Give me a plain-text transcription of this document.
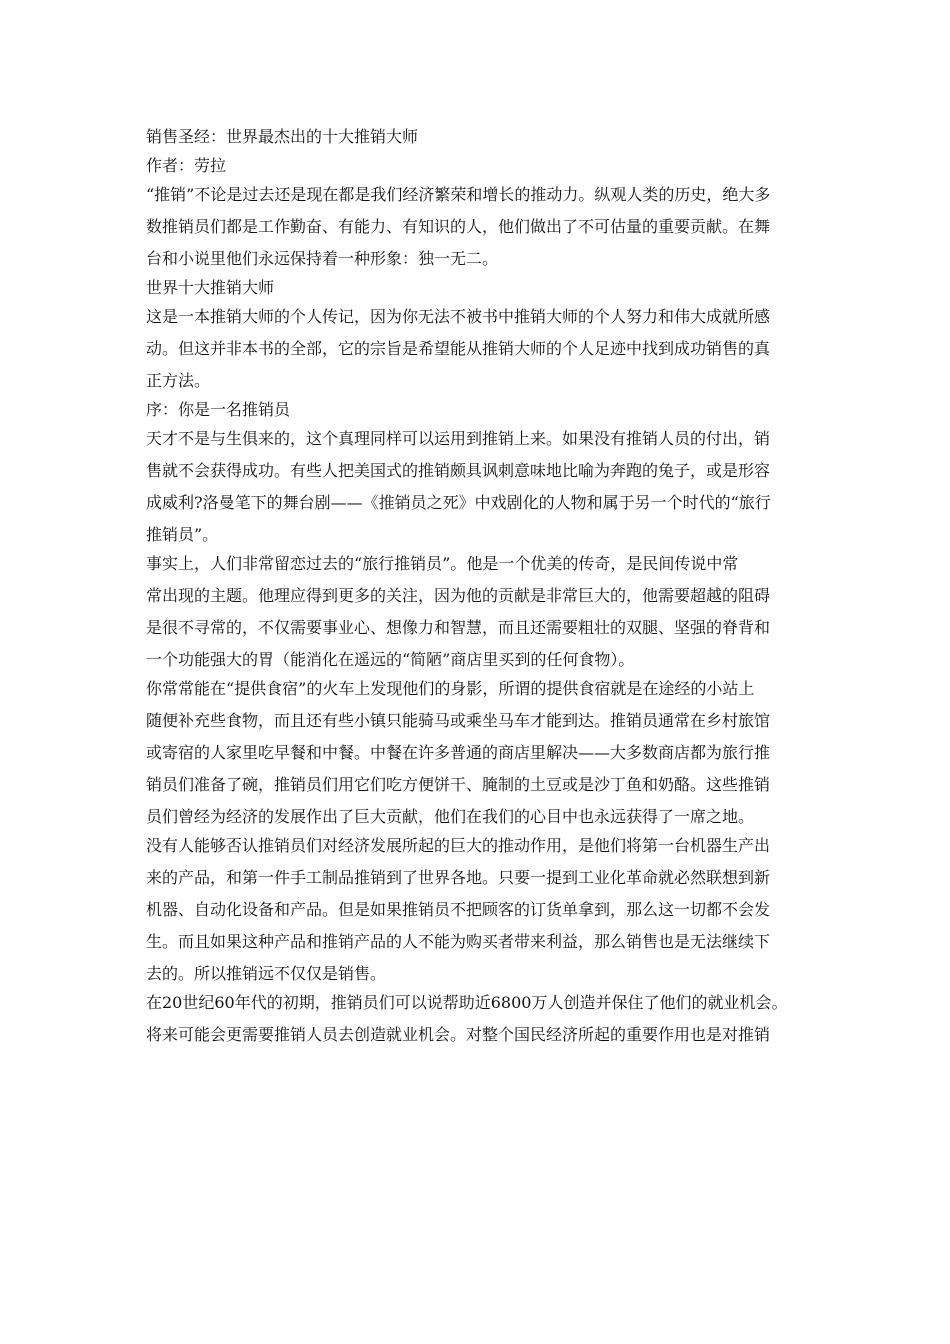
销售圣经：世界最杰出的十大推销大师
作者：劳拉
“推销”不论是过去还是现在都是我们经济繁荣和增长的推动力。纵观人类的历史，绝大多
数推销员们都是工作勤奋、有能力、有知识的人，他们做出了不可估量的重要贡献。在舞
台和小说里他们永远保持着一种形象：独一无二。
世界十大推销大师
这是一本推销大师的个人传记，因为你无法不被书中推销大师的个人努力和伟大成就所感
动。但这并非本书的全部，它的宗旨是希望能从推销大师的个人足迹中找到成功销售的真
正方法。
序：你是一名推销员
天才不是与生俱来的，这个真理同样可以运用到推销上来。如果没有推销人员的付出，销
售就不会获得成功。有些人把美国式的推销颇具讽刺意味地比喻为奔跑的兔子，或是形容
成威利?洛曼笔下的舞台剧——《推销员之死》中戏剧化的人物和属于另一个时代的“旅行
推销员”。
事实上，人们非常留恋过去的“旅行推销员”。他是一个优美的传奇，是民间传说中常
常出现的主题。他理应得到更多的关注，因为他的贡献是非常巨大的，他需要超越的阻碍
是很不寻常的，不仅需要事业心、想像力和智慧，而且还需要粗壮的双腿、坚强的脊背和
一个功能强大的胃（能消化在遥远的“简陋”商店里买到的任何食物）。
你常常能在“提供食宿”的火车上发现他们的身影，所谓的提供食宿就是在途经的小站上
随便补充些食物，而且还有些小镇只能骑马或乘坐马车才能到达。推销员通常在乡村旅馆
或寄宿的人家里吃早餐和中餐。中餐在许多普通的商店里解决——大多数商店都为旅行推
销员们准备了碗，推销员们用它们吃方便饼干、腌制的土豆或是沙丁鱼和奶酪。这些推销
员们曾经为经济的发展作出了巨大贡献，他们在我们的心目中也永远获得了一席之地。
没有人能够否认推销员们对经济发展所起的巨大的推动作用，是他们将第一台机器生产出
来的产品，和第一件手工制品推销到了世界各地。只要一提到工业化革命就必然联想到新
机器、自动化设备和产品。但是如果推销员不把顾客的订货单拿到，那么这一切都不会发
生。而且如果这种产品和推销产品的人不能为购买者带来利益，那么销售也是无法继续下
去的。所以推销远不仅仅是销售。
在20世纪60年代的初期，推销员们可以说帮助近6800万人创造并保住了他们的就业机会。
将来可能会更需要推销人员去创造就业机会。对整个国民经济所起的重要作用也是对推销
